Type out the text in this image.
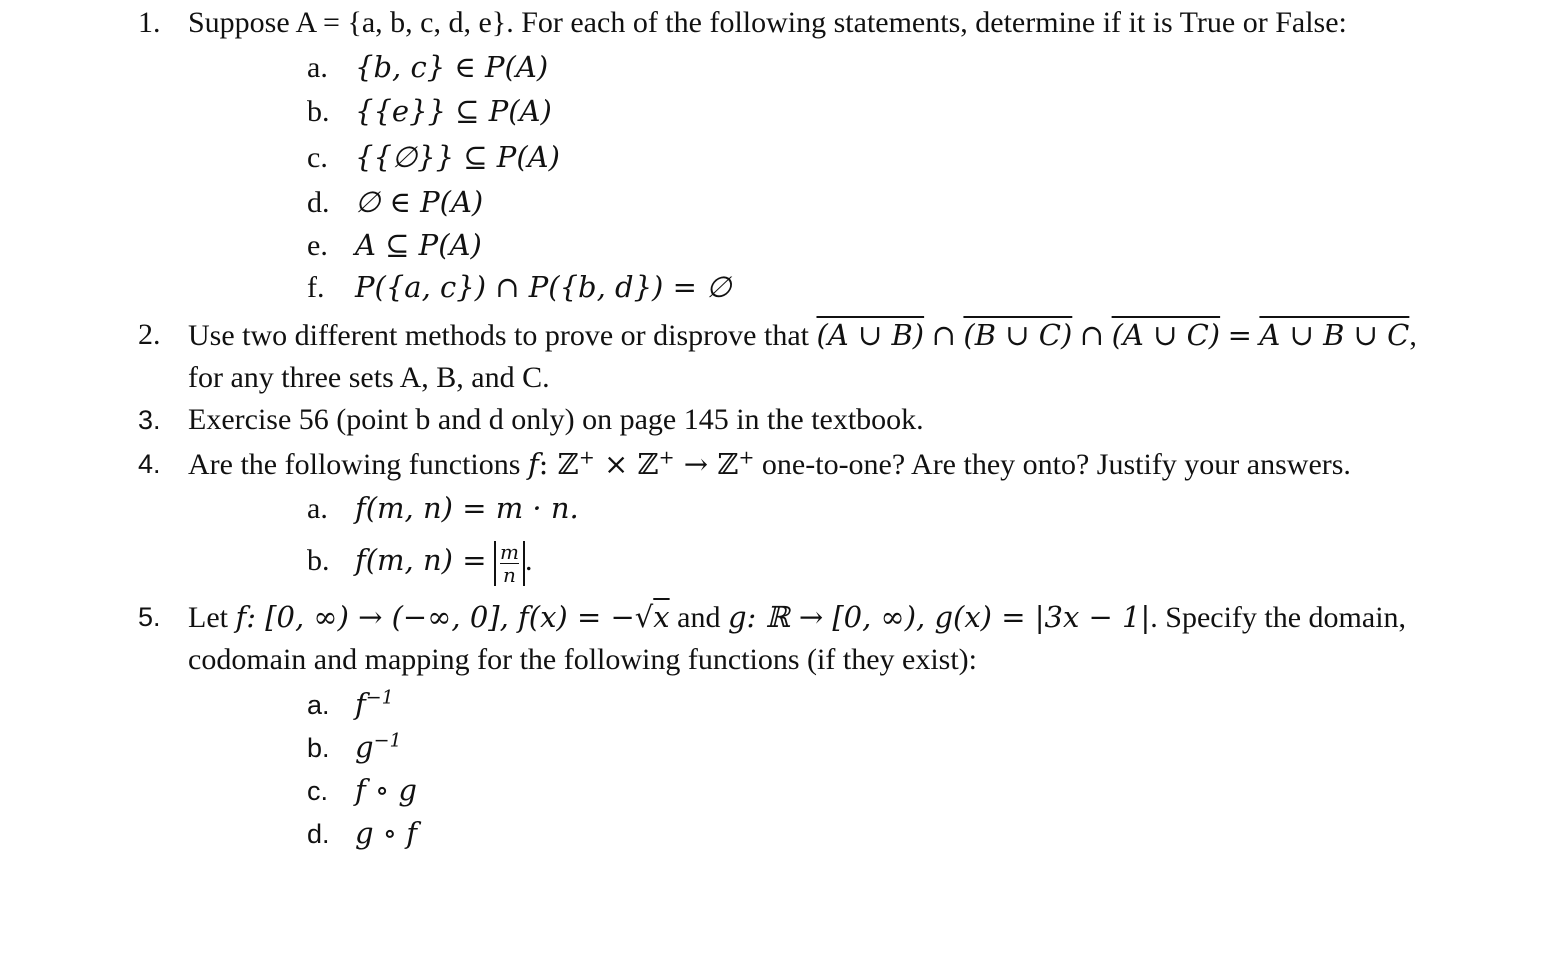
1. Suppose A = {a, b, c, d, e}. For each of the following statements, determine if it is True or False:
a. {b, c} ∈ P(A)
b. {{e}} ⊆ P(A)
c. {{∅}} ⊆ P(A)
d. ∅ ∈ P(A)
e. A ⊆ P(A)
f. P({a, c}) ∩ P({b, d}) = ∅
2. Use two different methods to prove or disprove that (A ∪ B) ∩ (B ∪ C) ∩ (A ∪ C) = A ∪ B ∪ C,
for any three sets A, B, and C.
3. Exercise 56 (point b and d only) on page 145 in the textbook.
4. Are the following functions f: ℤ+ × ℤ+ → ℤ+ one-to-one? Are they onto? Justify your answers.
a. f(m, n) = m · n.
b. f(m, $n) = \frac{m}{n}$ .
5. Let f: [0, ∞) → (−∞, 0], f(x) = −√x and g: ℝ → [0, ∞), g(x) = |3x − 1|. Specify the domain,
codomain and mapping for the following functions (if they exist):
a. $f^{-1}$
b. $g^{-1}$
c. f ∘ g
d. g ∘ f
